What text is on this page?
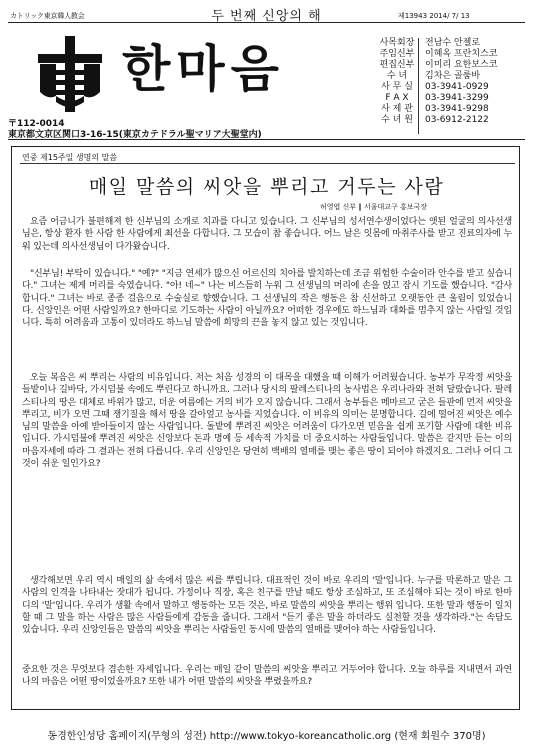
カトリック東京韓人教会	두 번째 신앙의 해	제13943 2014/ 7/ 13
한마음	사목회장	전남수 안젤로
주임신부	이혜옥 프란치스코
편집신부	이미리 요한보스코
수 녀	김차은 골룸바
사 무 실	03-3941-0929
F A X	03-3941-3299
사 제 관	03-3941-9298
수 녀 원	03-6912-2122
〒112-0014
東京都文京区関口3-16-15(東京カテドラル聖マリア大聖堂内)
연중 제15주일 생명의 말씀
매일 말씀의 씨앗을 뿌리고 거두는 사람
허영엽 신부 ‖ 서울대교구 홍보국장

요즘 어금니가 불편해져 한 신부님의 소개로 치과를 다니고 있습니다. 그 신부님의 성서연수생이었다는 앳된 얼굴의 의사선생님은, 항상 환자 한 사람 한 사람에게 최선을 다합니다. 그 모습이 참 좋습니다. 어느 날은 잇몸에 마취주사를 받고 진료의자에 누워 있는데 의사선생님이 다가왔습니다.

"신부님! 부탁이 있습니다." "예?" "지금 연세가 많으신 어르신의 치아를 발치하는데 조금 위험한 수술이라 안수를 받고 싶습니다." 그녀는 제게 머리를 숙였습니다. "아! 네~" 나는 비스듬히 누워 그 선생님의 머리에 손을 얹고 잠시 기도를 했습니다. "감사합니다." 그녀는 바로 종종 걸음으로 수술실로 향했습니다. 그 선생님의 작은 행동은 참 신선하고 오랫동안 큰 울림이 있었습니다. 신앙인은 어떤 사람일까요? 한마디로 기도하는 사람이 아닐까요? 어떠한 경우에도 하느님과 대화를 멈추지 않는 사람일 것입니다. 특히 어려움과 고통이 있더라도 하느님 말씀에 희망의 끈을 놓지 않고 있는 것입니다.

오늘 복음은 씨 뿌리는 사람의 비유입니다. 저는 처음 성경의 이 대목을 대했을 때 이해가 어려웠습니다. 농부가 무작정 씨앗을 들밭이나 길바닥, 가시덤불 속에도 뿌린다고 하니까요. 그러나 당시의 팔레스티나의 농사법은 우리나라와 전혀 달랐습니다. 팔레스티나의 땅은 대체로 바위가 많고, 더운 여름에는 거의 비가 오지 않습니다. 그래서 농부들은 메마르고 굳은 들판에 먼저 씨앗을 뿌리고, 비가 오면 그때 쟁기질을 해서 땅을 갈아엎고 농사를 지었습니다. 이 비유의 의미는 분명합니다. 길에 떨어진 씨앗은 예수님의 말씀을 아예 받아들이지 않는 사람입니다. 돌밭에 뿌려진 씨앗은 어려움이 다가오면 믿음을 쉽게 포기할 사람에 대한 비유입니다. 가시덤불에 뿌려진 씨앗은 신앙보다 돈과 명예 등 세속적 가치를 더 중요시하는 사람들입니다. 말씀은 같지만 듣는 이의 마음자세에 따라 그 결과는 전혀 다릅니다. 우리 신앙인은 당연히 백배의 열매를 맺는 좋은 땅이 되어야 하겠지요. 그러나 어디 그것이 쉬운 일인가요?

생각해보면 우리 역시 매일의 삶 속에서 많은 씨를 뿌립니다. 대표적인 것이 바로 우리의 '말'입니다. 누구를 막론하고 말은 그 사람의 인격을 나타내는 잣대가 됩니다. 가정이나 직장, 혹은 친구를 만날 때도 항상 조심하고, 또 조심해야 되는 것이 바로 한마디의 '말'입니다. 우리가 생활 속에서 말하고 행동하는 모든 것은, 바로 말씀의 씨앗을 뿌리는 행위 입니다. 또한 말과 행동이 일치할 때 그 말을 하는 사람은 많은 사람들에게 감동을 줍니다. 그래서 "듣기 좋은 말을 하더라도 실천할 것을 생각하라."는 속담도 있습니다. 우리 신앙인들은 말씀의 씨앗을 뿌리는 사람들인 동시에 말씀의 열매를 맺어야 하는 사람들입니다.

중요한 것은 무엇보다 겸손한 자세입니다. 우리는 매일 같이 말씀의 씨앗을 뿌리고 거두어야 합니다. 오늘 하루를 지내면서 과연 나의 마음은 어떤 땅이었을까요? 또한 내가 어떤 말씀의 씨앗을 뿌렸을까요?

동경한인성당 홈페이지(무형의 성전) http://www.tokyo-koreancatholic.org (현재 회원수 370명)
